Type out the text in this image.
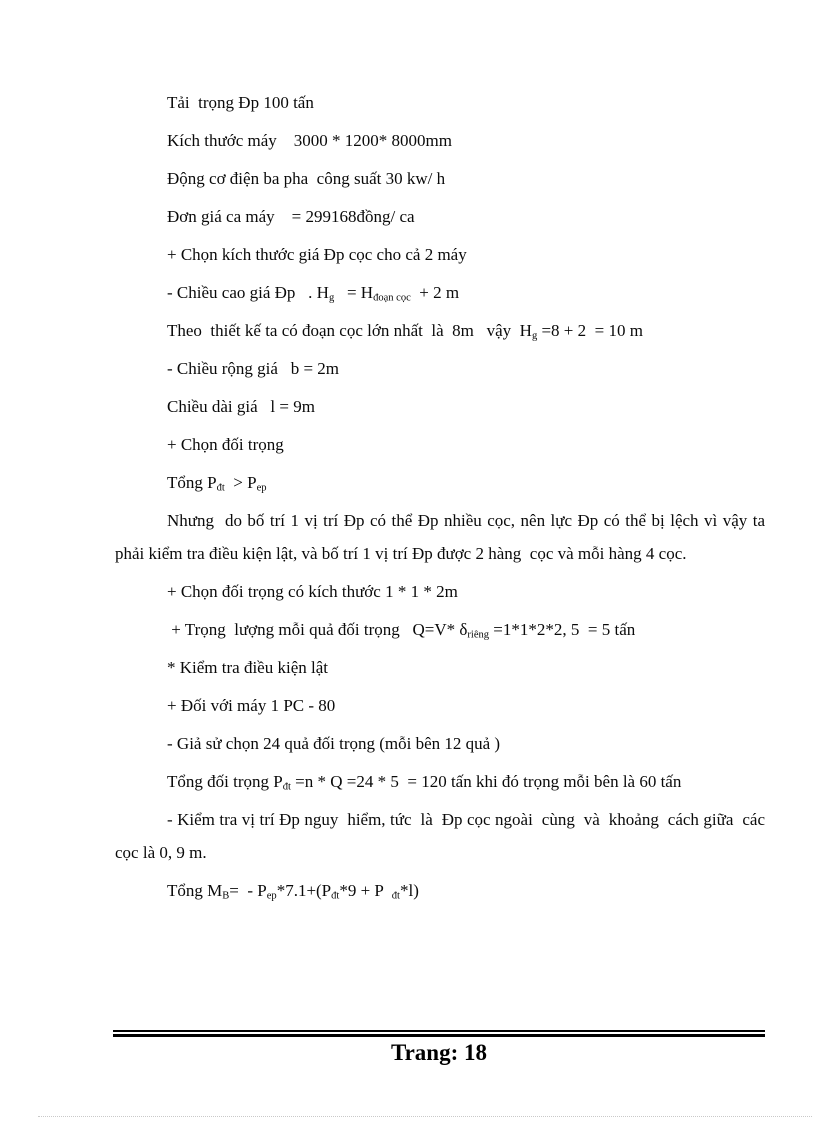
Tải  trọng Đp 100 tấn

Kích thước máy    3000 * 1200* 8000mm

Động cơ điện ba pha  công suất 30 kw/ h

Đơn giá ca máy    = 299168đồng/ ca

+ Chọn kích thước giá Đp cọc cho cả 2 máy

- Chiều cao giá Đp   . $H_g = H_{đoạn cọc} + 2$ m

Theo  thiết kế ta có đoạn cọc lớn nhất  là  8m   vậy  $H_g =8 + 2 = 10$ m

- Chiều rộng giá   b = 2m

Chiều dài giá   l = 9m

+ Chọn đối trọng

Tổng $P_{đt} > P_{ep}$

Nhưng  do bố trí 1 vị trí Đp có thể Đp nhiều cọc, nên lực Đp có thể bị lệch vì vậy ta phải kiểm tra điều kiện lật, và bố trí 1 vị trí Đp được 2 hàng  cọc và mỗi hàng 4 cọc.

+ Chọn đối trọng có kích thước 1 * 1 * 2m

+ Trọng  lượng mỗi quả đối trọng   Q=V* $\delta_{riêng} =1*1*2*2$, 5  = 5 tấn

* Kiểm tra điều kiện lật

+ Đối với máy 1 PC - 80

- Giả sử chọn 24 quả đối trọng (mỗi bên 12 quả )

Tổng đối trọng $P_{đt} =n * Q =24 * 5 = 120$ tấn khi đó trọng mỗi bên là 60 tấn

- Kiểm tra vị trí Đp nguy  hiểm, tức  là  Đp cọc ngoài  cùng  và  khoảng  cách giữa  các cọc là 0, 9 m.

Tổng $M_B= - P_{ep}*7.1+(P_{đt}*9 + P$  $_{đt}$*l)

Trang: 18
